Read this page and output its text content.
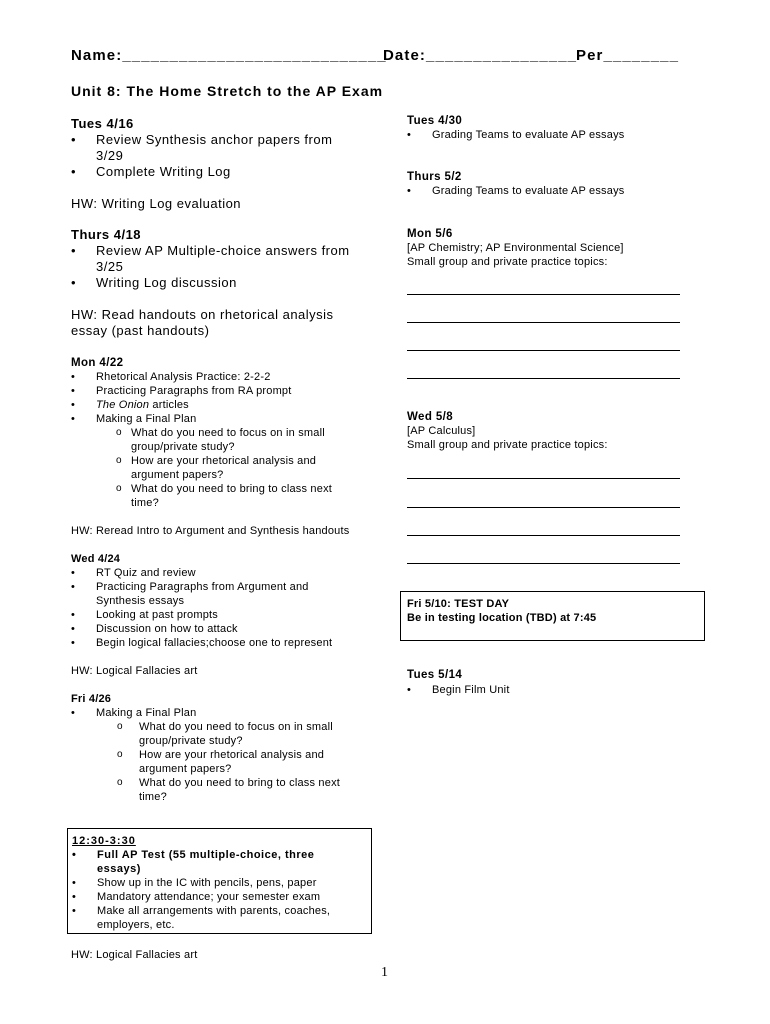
Name:____________________________
Date:________________
Per________
Unit 8: The Home Stretch to the AP Exam
Tues 4/16
• Review Synthesis anchor papers from 3/29
• Complete Writing Log
HW: Writing Log evaluation
Thurs 4/18
• Review AP Multiple-choice answers from 3/25
• Writing Log discussion
HW: Read handouts on rhetorical analysis essay (past handouts)
Mon 4/22
• Rhetorical Analysis Practice: 2-2-2
• Practicing Paragraphs from RA prompt
• The Onion articles
• Making a Final Plan
o What do you need to focus on in small group/private study?
o How are your rhetorical analysis and argument papers?
o What do you need to bring to class next time?
HW: Reread Intro to Argument and Synthesis handouts
Wed 4/24
• RT Quiz and review
• Practicing Paragraphs from Argument and Synthesis essays
• Looking at past prompts
• Discussion on how to attack
• Begin logical fallacies;choose one to represent
HW: Logical Fallacies art
Fri 4/26
• Making a Final Plan
o What do you need to focus on in small group/private study?
o How are your rhetorical analysis and argument papers?
o What do you need to bring to class next time?
12:30-3:30
• Full AP Test (55 multiple-choice, three essays)
• Show up in the IC with pencils, pens, paper
• Mandatory attendance; your semester exam
• Make all arrangements with parents, coaches, employers, etc.
HW: Logical Fallacies art
Tues 4/30
• Grading Teams to evaluate AP essays
Thurs 5/2
• Grading Teams to evaluate AP essays
Mon 5/6
[AP Chemistry; AP Environmental Science]
Small group and private practice topics:
Wed 5/8
[AP Calculus]
Small group and private practice topics:
Fri 5/10: TEST DAY
Be in testing location (TBD) at 7:45
Tues 5/14
• Begin Film Unit
1
